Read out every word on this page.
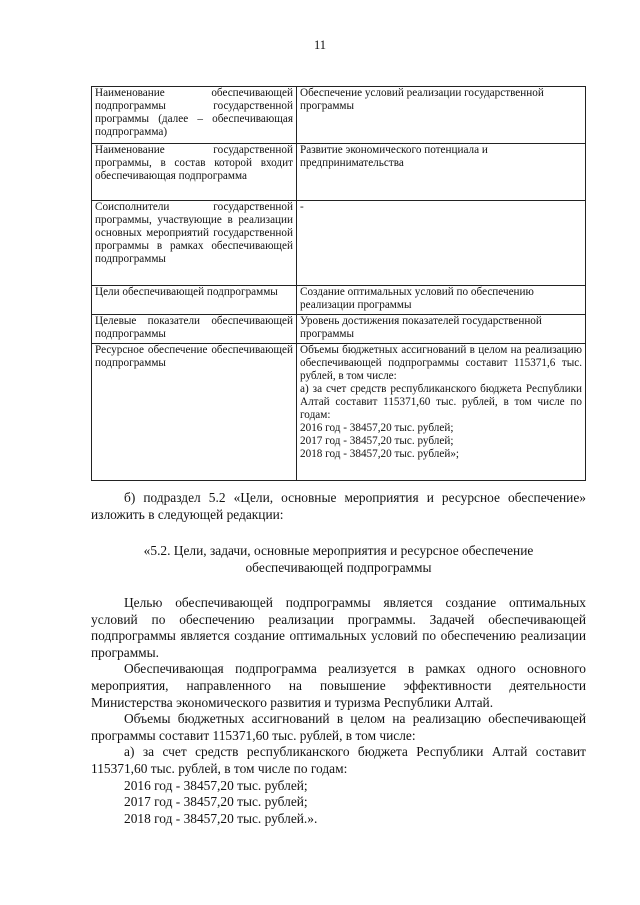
11
Наименование обеспечивающей подпрограммы государственной программы (далее – обеспечивающая подпрограмма)	Обеспечение условий реализации государственной программы
Наименование государственной программы, в состав которой входит обеспечивающая подпрограмма	Развитие экономического потенциала и предпринимательства
Соисполнители государственной программы, участвующие в реализации основных мероприятий государственной программы в рамках обеспечивающей подпрограммы	-
Цели обеспечивающей подпрограммы	Создание оптимальных условий по обеспечению реализации программы
Целевые показатели обеспечивающей подпрограммы	Уровень достижения показателей государственной программы
Ресурсное обеспечение обеспечивающей подпрограммы	Объемы бюджетных ассигнований в целом на реализацию обеспечивающей подпрограммы составит 115371,6 тыс. рублей, в том числе:
а) за счет средств республиканского бюджета Республики Алтай составит 115371,60 тыс. рублей, в том числе по годам:
2016 год - 38457,20 тыс. рублей;
2017 год - 38457,20 тыс. рублей;
2018 год - 38457,20 тыс. рублей»;

б) подраздел 5.2 «Цели, основные мероприятия и ресурсное обеспечение» изложить в следующей редакции:

«5.2. Цели, задачи, основные мероприятия и ресурсное обеспечение

обеспечивающей подпрограммы

Целью обеспечивающей подпрограммы является создание оптимальных условий по обеспечению реализации программы. Задачей обеспечивающей подпрограммы является создание оптимальных условий по обеспечению реализации программы.

Обеспечивающая подпрограмма реализуется в рамках одного основного мероприятия, направленного на повышение эффективности деятельности Министерства экономического развития и туризма Республики Алтай.

Объемы бюджетных ассигнований в целом на реализацию обеспечивающей программы составит 115371,60 тыс. рублей, в том числе:

а) за счет средств республиканского бюджета Республики Алтай составит 115371,60 тыс. рублей, в том числе по годам:

2016 год - 38457,20 тыс. рублей;

2017 год - 38457,20 тыс. рублей;

2018 год - 38457,20 тыс. рублей.».
